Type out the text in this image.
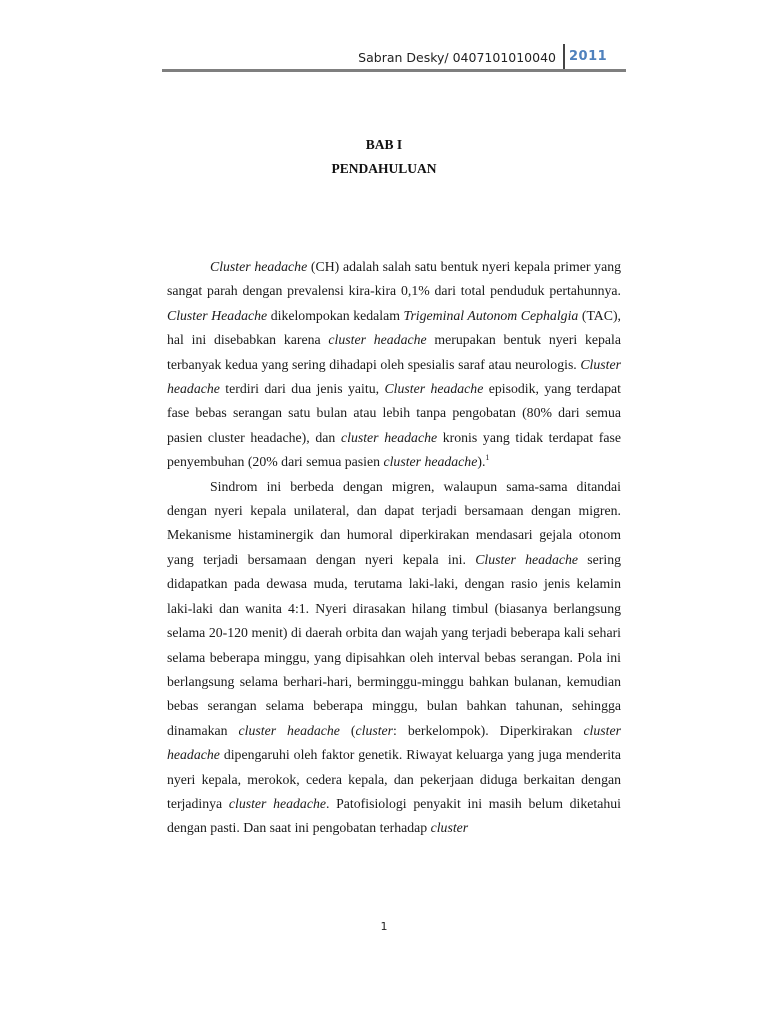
Sabran Desky/ 0407101010040 2011
BAB I
PENDAHULUAN

Cluster headache (CH) adalah salah satu bentuk nyeri kepala primer yang sangat parah dengan prevalensi kira-kira 0,1% dari total penduduk pertahunnya. Cluster Headache dikelompokan kedalam Trigeminal Autonom Cephalgia (TAC), hal ini disebabkan karena cluster headache merupakan bentuk nyeri kepala terbanyak kedua yang sering dihadapi oleh spesialis saraf atau neurologis. Cluster headache terdiri dari dua jenis yaitu, Cluster headache episodik, yang terdapat fase bebas serangan satu bulan atau lebih tanpa pengobatan (80% dari semua pasien cluster headache), dan cluster headache kronis yang tidak terdapat fase penyembuhan (20% dari semua pasien cluster headache).$^1$

Sindrom ini berbeda dengan migren, walaupun sama-sama ditandai dengan nyeri kepala unilateral, dan dapat terjadi bersamaan dengan migren. Mekanisme histaminergik dan humoral diperkirakan mendasari gejala otonom yang terjadi bersamaan dengan nyeri kepala ini. Cluster headache sering didapatkan pada dewasa muda, terutama laki-laki, dengan rasio jenis kelamin laki-laki dan wanita 4:1. Nyeri dirasakan hilang timbul (biasanya berlangsung selama 20-120 menit) di daerah orbita dan wajah yang terjadi beberapa kali sehari selama beberapa minggu, yang dipisahkan oleh interval bebas serangan. Pola ini berlangsung selama berhari-hari, berminggu-minggu bahkan bulanan, kemudian bebas serangan selama beberapa minggu, bulan bahkan tahunan, sehingga dinamakan cluster headache (cluster: berkelompok). Diperkirakan cluster headache dipengaruhi oleh faktor genetik. Riwayat keluarga yang juga menderita nyeri kepala, merokok, cedera kepala, dan pekerjaan diduga berkaitan dengan terjadinya cluster headache. Patofisiologi penyakit ini masih belum diketahui dengan pasti. Dan saat ini pengobatan terhadap cluster

1
